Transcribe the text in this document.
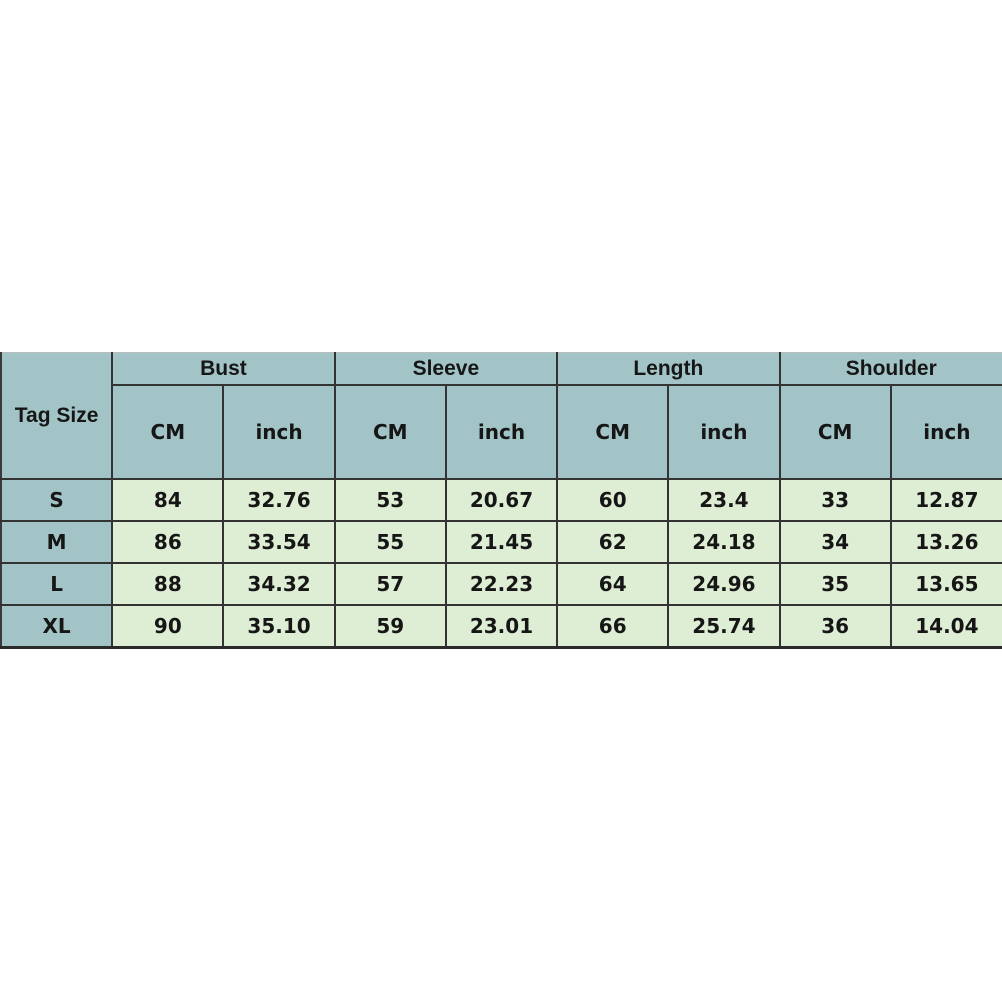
Tag Size	Bust		Sleeve		Length		Shoulder	
	CM	inch	CM	inch	CM	inch	CM	inch
S	84	32.76	53	20.67	60	23.4	33	12.87
M	86	33.54	55	21.45	62	24.18	34	13.26
L	88	34.32	57	22.23	64	24.96	35	13.65
XL	90	35.10	59	23.01	66	25.74	36	14.04
